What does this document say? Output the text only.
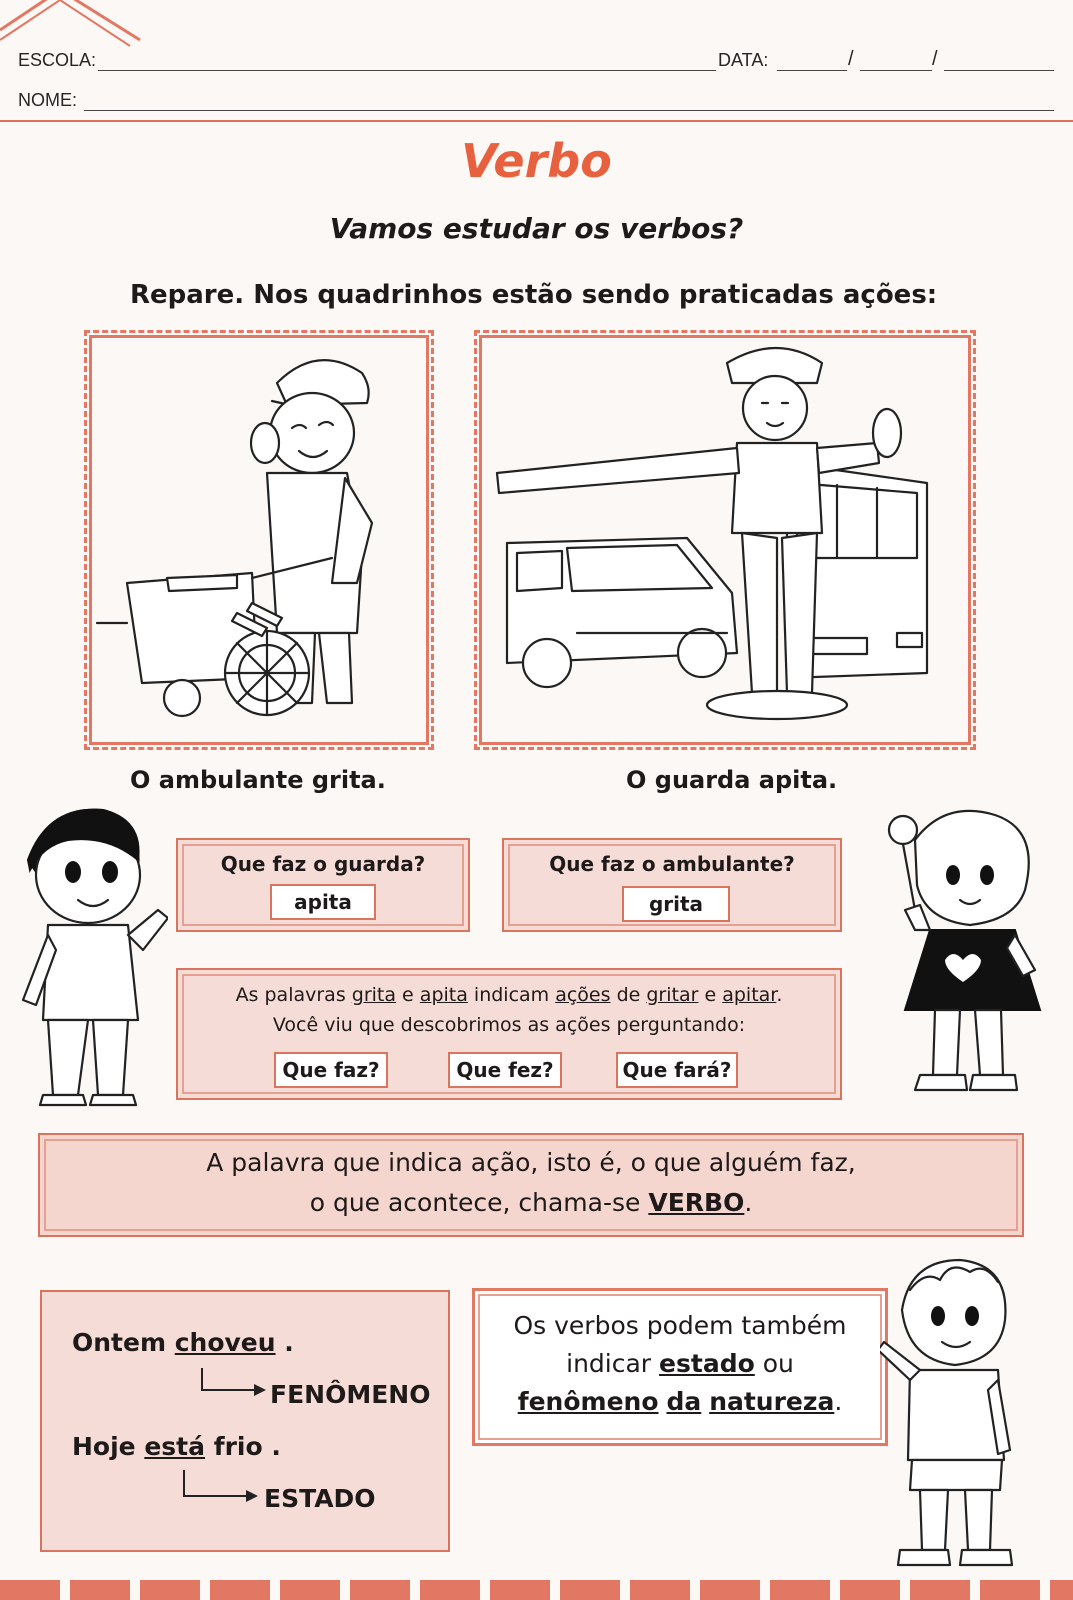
ESCOLA:	DATA:	/	/
NOME:
Verbo
Vamos estudar os verbos?
Repare. Nos quadrinhos estão sendo praticadas ações:
O ambulante grita.	O guarda apita.
Que faz o guarda?
apita
Que faz o ambulante?
grita
As palavras grita e apita indicam ações de gritar e apitar.
Você viu que descobrimos as ações perguntando:
Que faz?	Que fez?	Que fará?
A palavra que indica ação, isto é, o que alguém faz,
o que acontece, chama-se VERBO.
Ontem choveu .
FENÔMENO
Hoje está frio .
ESTADO
Os verbos podem também
indicar estado ou
fenômeno da natureza.
